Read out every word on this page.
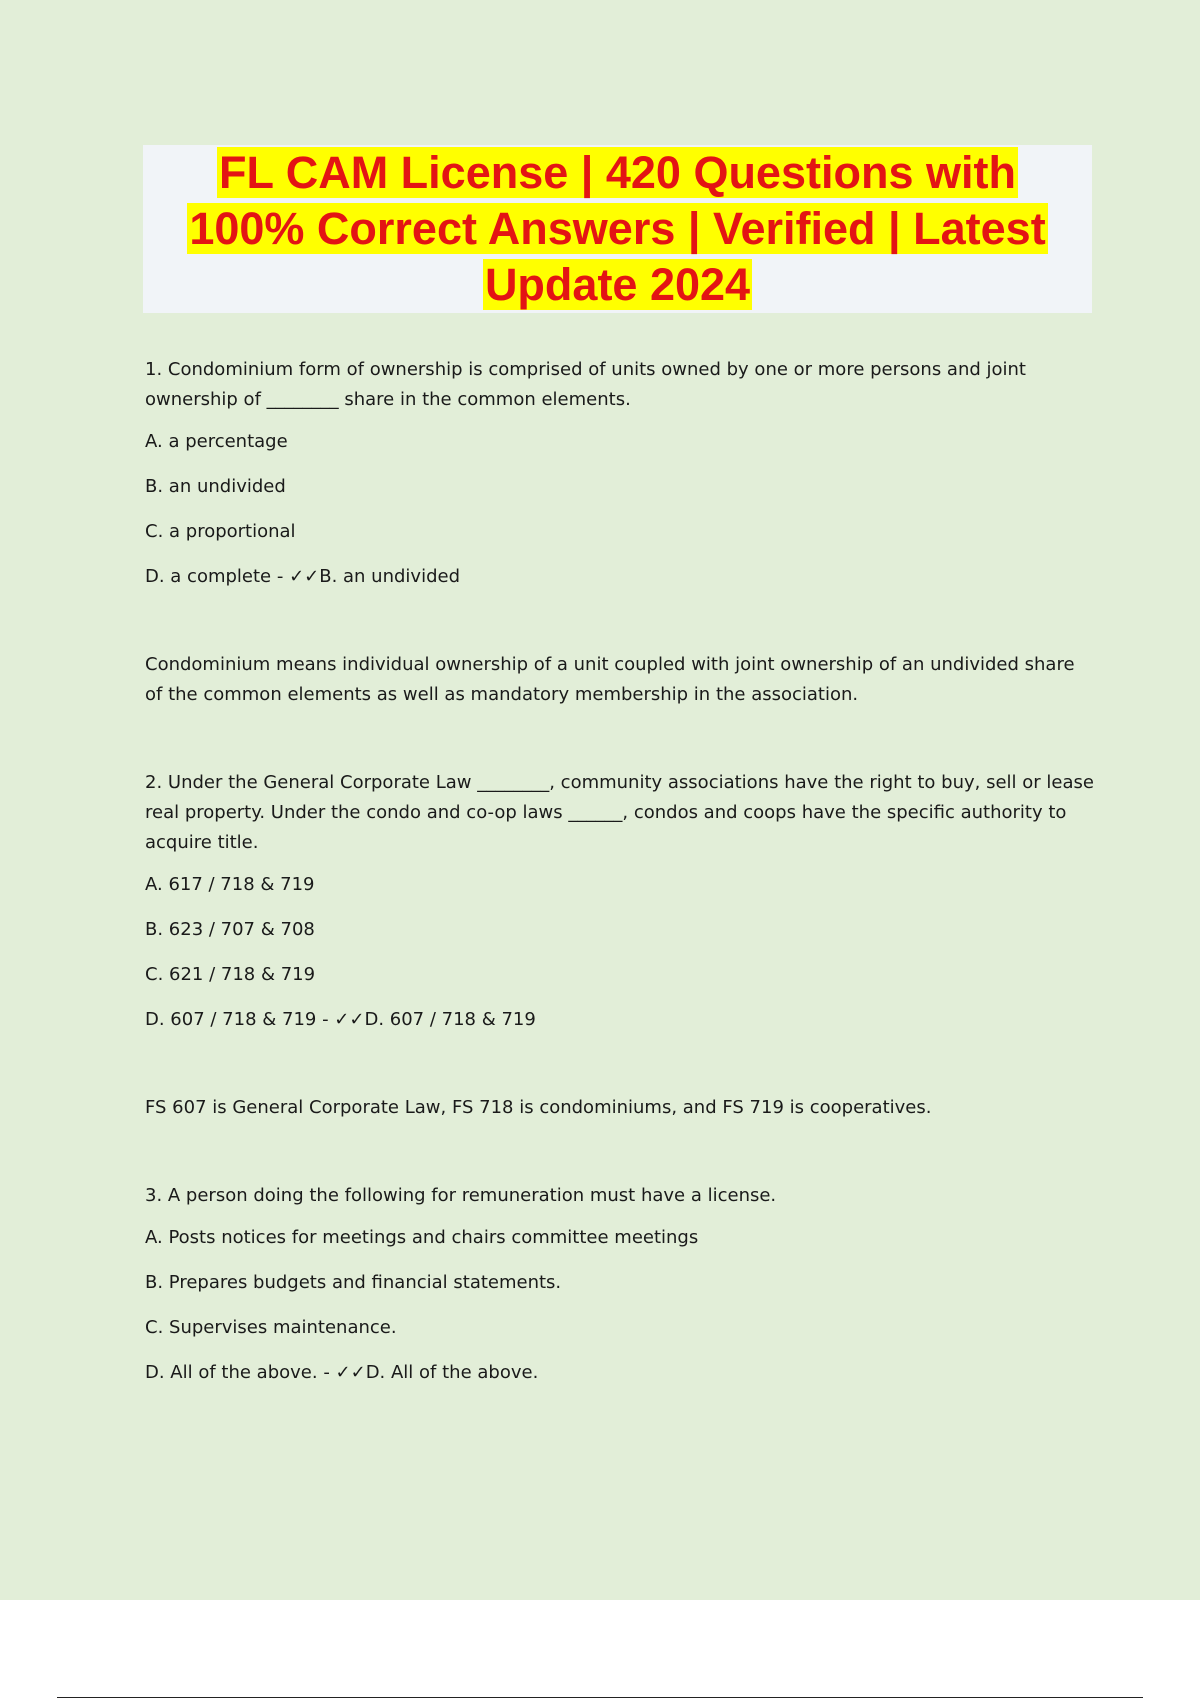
FL CAM License | 420 Questions with
100% Correct Answers | Verified | Latest
Update 2024
1. Condominium form of ownership is comprised of units owned by one or more persons and joint ownership of ________ share in the common elements.
A. a percentage
B. an undivided
C. a proportional
D. a complete - ✓✓B. an undivided
Condominium means individual ownership of a unit coupled with joint ownership of an undivided share of the common elements as well as mandatory membership in the association.
2. Under the General Corporate Law ________, community associations have the right to buy, sell or lease real property. Under the condo and co-op laws ______, condos and coops have the specific authority to acquire title.
A. 617 / 718 & 719
B. 623 / 707 & 708
C. 621 / 718 & 719
D. 607 / 718 & 719 - ✓✓D. 607 / 718 & 719
FS 607 is General Corporate Law, FS 718 is condominiums, and FS 719 is cooperatives.
3. A person doing the following for remuneration must have a license.
A. Posts notices for meetings and chairs committee meetings
B. Prepares budgets and financial statements.
C. Supervises maintenance.
D. All of the above. - ✓✓D. All of the above.
